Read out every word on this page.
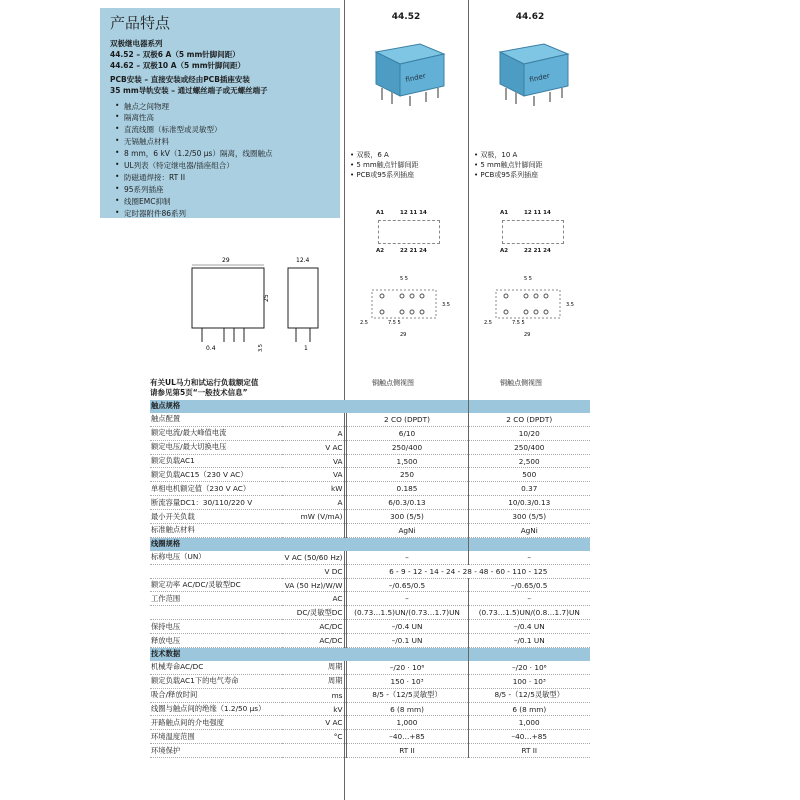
产品特点
双极继电器系列
44.52 – 双极6 A（5 mm针脚间距）
44.62 – 双极10 A（5 mm针脚间距）
PCB安装 – 直接安装或经由PCB插座安装
35 mm导轨安装 – 通过螺丝端子或无螺丝端子
• 触点之间物理
• 隔离性高
• 直流线圈（标准型或灵敏型）
• 无镉触点材料
• 8 mm，6 kV（1.2/50 μs）隔离，线圈触点
• UL列表（特定继电器/插座组合）
• 防磁通焊接：RT II
• 95系列插座
• 线圈EMC抑制
• 定时器附件86系列
44.52	44.62
finder	finder
• 双极，6 A
• 5 mm触点针脚间距
• PCB或95系列插座
• 双极，10 A
• 5 mm触点针脚间距
• PCB或95系列插座
A1	12 11 14
A2	22 21 24
A1	12 11 14
A2	22 21 24
5 5
2.5	7.5 5
3.5
29
5 5
2.5	7.5 5
3.5
29
29
25
12.4
0.4	3.5	1
铜触点侧视图	铜触点侧视图
有关UL马力和试运行负载额定值
请参见第5页“一般技术信息”
触点规格			
触点配置		2 CO (DPDT)	2 CO (DPDT)
额定电流/最大峰值电流	A	6/10	10/20
额定电压/最大切换电压	V AC	250/400	250/400
额定负载AC1	VA	1,500	2,500
额定负载AC15（230 V AC）	VA	250	500
单相电机额定值（230 V AC）	kW	0.185	0.37
断流容量DC1：30/110/220 V	A	6/0.3/0.13	10/0.3/0.13
最小开关负载	mW (V/mA)	300 (5/5)	300 (5/5)
标准触点材料		AgNi	AgNi
线圈规格			
标称电压（UN）	V AC (50/60 Hz)	–	–
	V DC	6 - 9 - 12 - 14 - 24 - 28 - 48 - 60 - 110 - 125	
额定功率 AC/DC/灵敏型DC	VA (50 Hz)/W/W	–/0.65/0.5	–/0.65/0.5
工作范围	AC	–	–
	DC/灵敏型DC	(0.73…1.5)UN/(0.73…1.7)UN	(0.73…1.5)UN/(0.8…1.7)UN
保持电压	AC/DC	–/0.4 UN	–/0.4 UN
释放电压	AC/DC	–/0.1 UN	–/0.1 UN
技术数据			
机械寿命AC/DC	周期	–/20 · 10⁶	–/20 · 10⁶
额定负载AC1下的电气寿命	周期	150 · 10³	100 · 10³
吸合/释放时间	ms	8/5 -（12/5灵敏型）	8/5 -（12/5灵敏型）
线圈与触点间的绝缘（1.2/50 μs）	kV	6 (8 mm)	6 (8 mm)
开路触点间的介电强度	V AC	1,000	1,000
环境温度范围	°C	–40…+85	–40…+85
环境保护		RT II	RT II
